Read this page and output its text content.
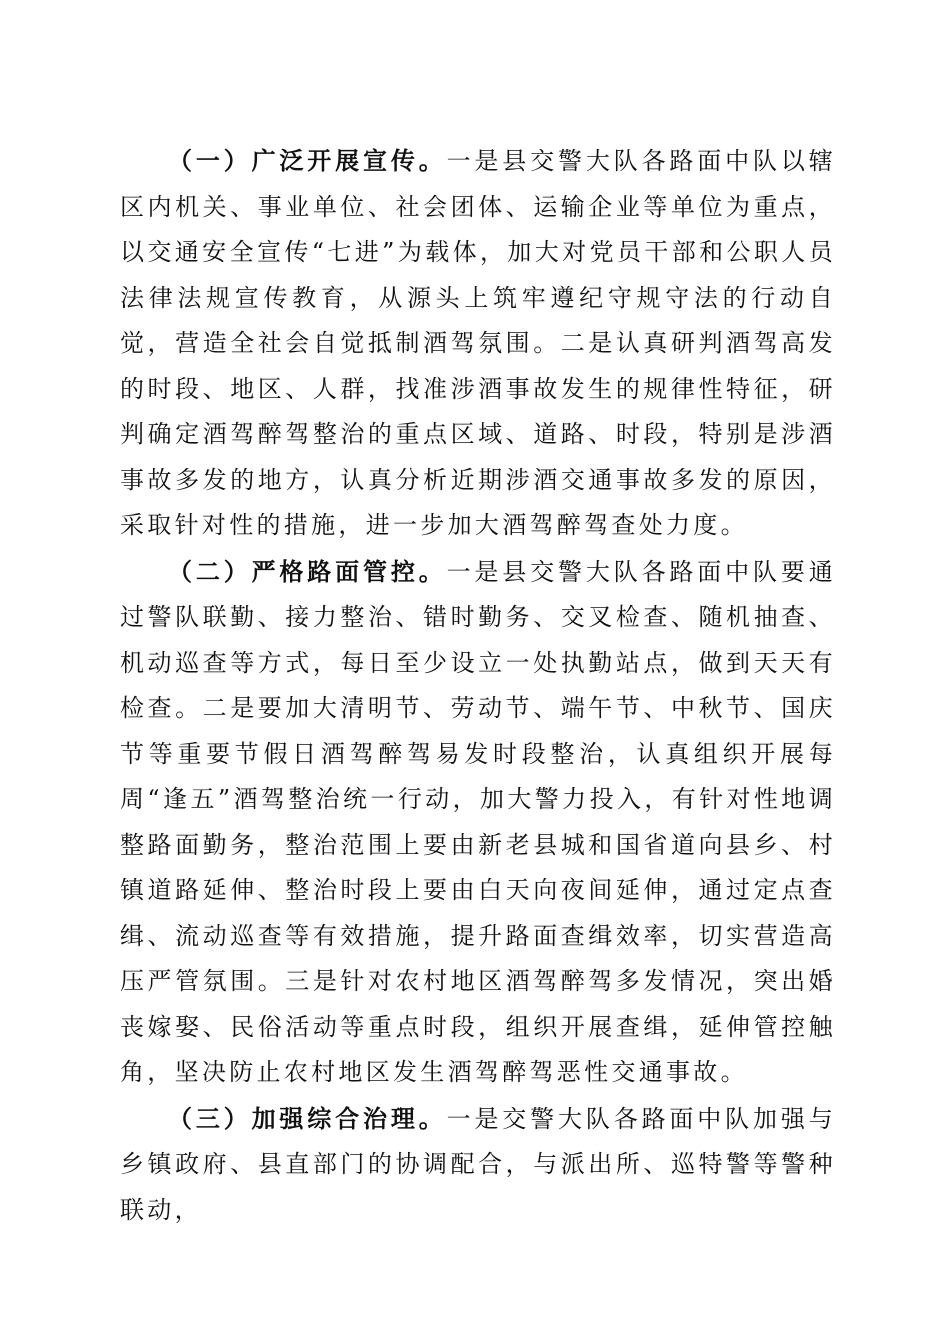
（一）广泛开展宣传。一是县交警大队各路面中队以辖区内机关、事业单位、社会团体、运输企业等单位为重点，以交通安全宣传“七进”为载体，加大对党员干部和公职人员法律法规宣传教育，从源头上筑牢遵纪守规守法的行动自觉，营造全社会自觉抵制酒驾氛围。二是认真研判酒驾高发的时段、地区、人群，找准涉酒事故发生的规律性特征，研判确定酒驾醉驾整治的重点区域、道路、时段，特别是涉酒事故多发的地方，认真分析近期涉酒交通事故多发的原因，采取针对性的措施，进一步加大酒驾醉驾查处力度。

（二）严格路面管控。一是县交警大队各路面中队要通过警队联勤、接力整治、错时勤务、交叉检查、随机抽查、机动巡查等方式，每日至少设立一处执勤站点，做到天天有检查。二是要加大清明节、劳动节、端午节、中秋节、国庆节等重要节假日酒驾醉驾易发时段整治，认真组织开展每周“逢五”酒驾整治统一行动，加大警力投入，有针对性地调整路面勤务，整治范围上要由新老县城和国省道向县乡、村镇道路延伸、整治时段上要由白天向夜间延伸，通过定点查缉、流动巡查等有效措施，提升路面查缉效率，切实营造高压严管氛围。三是针对农村地区酒驾醉驾多发情况，突出婚丧嫁娶、民俗活动等重点时段，组织开展查缉，延伸管控触角，坚决防止农村地区发生酒驾醉驾恶性交通事故。

（三）加强综合治理。一是交警大队各路面中队加强与乡镇政府、县直部门的协调配合，与派出所、巡特警等警种联动，
